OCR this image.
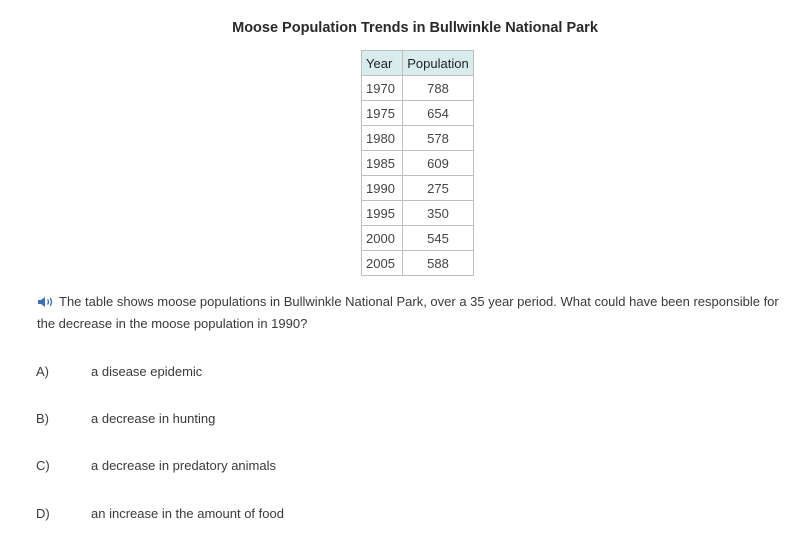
Moose Population Trends in Bullwinkle National Park
Year	Population
1970	788
1975	654
1980	578
1985	609
1990	275
1995	350
2000	545
2005	588
The table shows moose populations in Bullwinkle National Park, over a 35 year period. What could have been responsible for the decrease in the moose population in 1990?
A)	a disease epidemic
B)	a decrease in hunting
C)	a decrease in predatory animals
D)	an increase in the amount of food
